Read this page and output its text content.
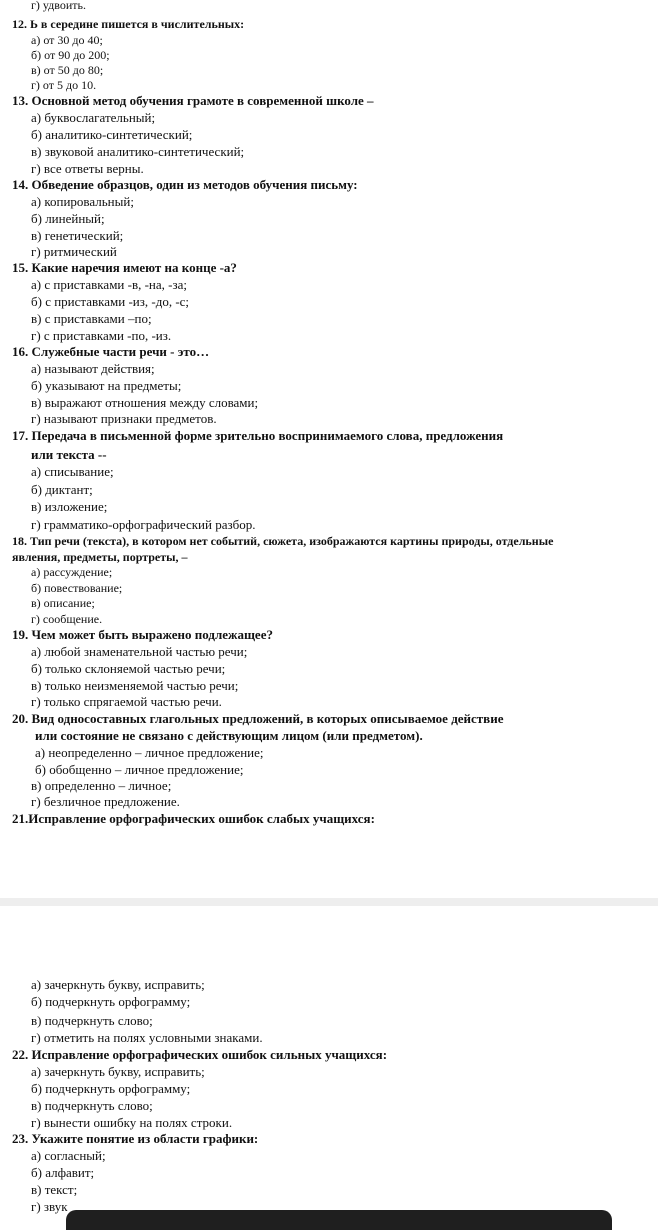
г) удвоить.
12. Ь в середине пишется в числительных:
а) от 30 до 40;
б) от 90 до 200;
в) от 50 до 80;
г) от 5 до 10.
13. Основной метод обучения грамоте в современной школе –
а) буквослагательный;
б) аналитико-синтетический;
в) звуковой аналитико-синтетический;
г) все ответы верны.
14. Обведение образцов, один из методов обучения письму:
а) копировальный;
б) линейный;
в) генетический;
г) ритмический
15. Какие наречия имеют на конце -а?
а) с приставками -в, -на, -за;
б) с приставками -из, -до, -с;
в) с приставками –по;
г) с приставками -по, -из.
16. Служебные части речи - это…
а) называют действия;
б) указывают на предметы;
в) выражают отношения между словами;
г) называют признаки предметов.
17. Передача в письменной форме зрительно воспринимаемого слова, предложения
или текста --
а) списывание;
б) диктант;
в) изложение;
г) грамматико-орфографический разбор.
18. Тип речи (текста), в котором нет событий, сюжета, изображаются картины природы, отдельные
явления, предметы, портреты, –
а) рассуждение;
б) повествование;
в) описание;
г) сообщение.
19. Чем может быть выражено подлежащее?
а) любой знаменательной частью речи;
б) только склоняемой частью речи;
в) только неизменяемой частью речи;
г) только спрягаемой частью речи.
20. Вид односоставных глагольных предложений, в которых описываемое действие
или состояние не связано с действующим лицом (или предметом).
а) неопределенно – личное предложение;
б) обобщенно – личное предложение;
в) определенно – личное;
г) безличное предложение.
21.Исправление орфографических ошибок слабых учащихся:
а) зачеркнуть букву, исправить;
б) подчеркнуть орфограмму;
в) подчеркнуть слово;
г) отметить на полях условными знаками.
22. Исправление орфографических ошибок сильных учащихся:
а) зачеркнуть букву, исправить;
б) подчеркнуть орфограмму;
в) подчеркнуть слово;
г) вынести ошибку на полях строки.
23. Укажите понятие из области графики:
а) согласный;
б) алфавит;
в) текст;
г) звук
